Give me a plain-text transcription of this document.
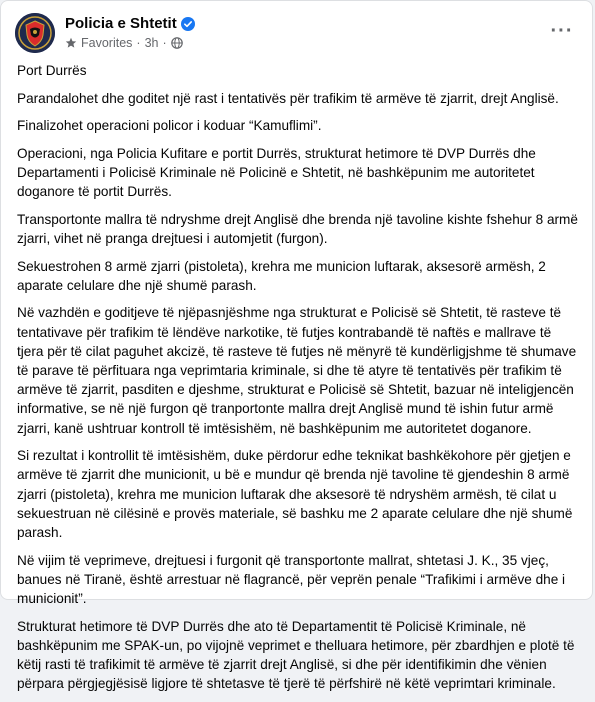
Policia e Shtetit
Favorites · 3h ·
···

Port Durrës

Parandalohet dhe goditet një rast i tentativës për trafikim të armëve të zjarrit, drejt Anglisë.

Finalizohet operacioni policor i koduar “Kamuflimi”.

Operacioni, nga Policia Kufitare e portit Durrës, strukturat hetimore të DVP Durrës dhe Departamenti i Policisë Kriminale në Policinë e Shtetit, në bashkëpunim me autoritetet doganore të portit Durrës.

Transportonte mallra të ndryshme drejt Anglisë dhe brenda një tavoline kishte fshehur 8 armë zjarri, vihet në pranga drejtuesi i automjetit (furgon).

Sekuestrohen 8 armë zjarri (pistoleta), krehra me municion luftarak, aksesorë armësh, 2 aparate celulare dhe një shumë parash.

Në vazhdën e goditjeve të njëpasnjëshme nga strukturat e Policisë së Shtetit, të rasteve të tentativave për trafikim të lëndëve narkotike, të futjes kontrabandë të naftës e mallrave të tjera për të cilat paguhet akcizë, të rasteve të futjes në mënyrë të kundërligjshme të shumave të parave të përfituara nga veprimtaria kriminale, si dhe të atyre të tentativës për trafikim të armëve të zjarrit, pasditen e djeshme, strukturat e Policisë së Shtetit, bazuar në inteligjencën informative, se në një furgon që tranportonte mallra drejt Anglisë mund të ishin futur armë zjarri, kanë ushtruar kontroll të imtësishëm, në bashkëpunim me autoritetet doganore.

Si rezultat i kontrollit të imtësishëm, duke përdorur edhe teknikat bashkëkohore për gjetjen e armëve të zjarrit dhe municionit, u bë e mundur që brenda një tavoline të gjendeshin 8 armë zjarri (pistoleta), krehra me municion luftarak dhe aksesorë të ndryshëm armësh, të cilat u sekuestruan në cilësinë e provës materiale, së bashku me 2 aparate celulare dhe një shumë parash.

Në vijim të veprimeve, drejtuesi i furgonit që transportonte mallrat, shtetasi J. K., 35 vjeç, banues në Tiranë, është arrestuar në flagrancë, për veprën penale “Trafikimi i armëve dhe i municionit”.

Strukturat hetimore të DVP Durrës dhe ato të Departamentit të Policisë Kriminale, në bashkëpunim me SPAK-un, po vijojnë veprimet e thelluara hetimore, për zbardhjen e plotë të këtij rasti të trafikimit të armëve të zjarrit drejt Anglisë, si dhe për identifikimin dhe vënien përpara përgjegjësisë ligjore të shtetasve të tjerë të përfshirë në këtë veprimtari kriminale.
